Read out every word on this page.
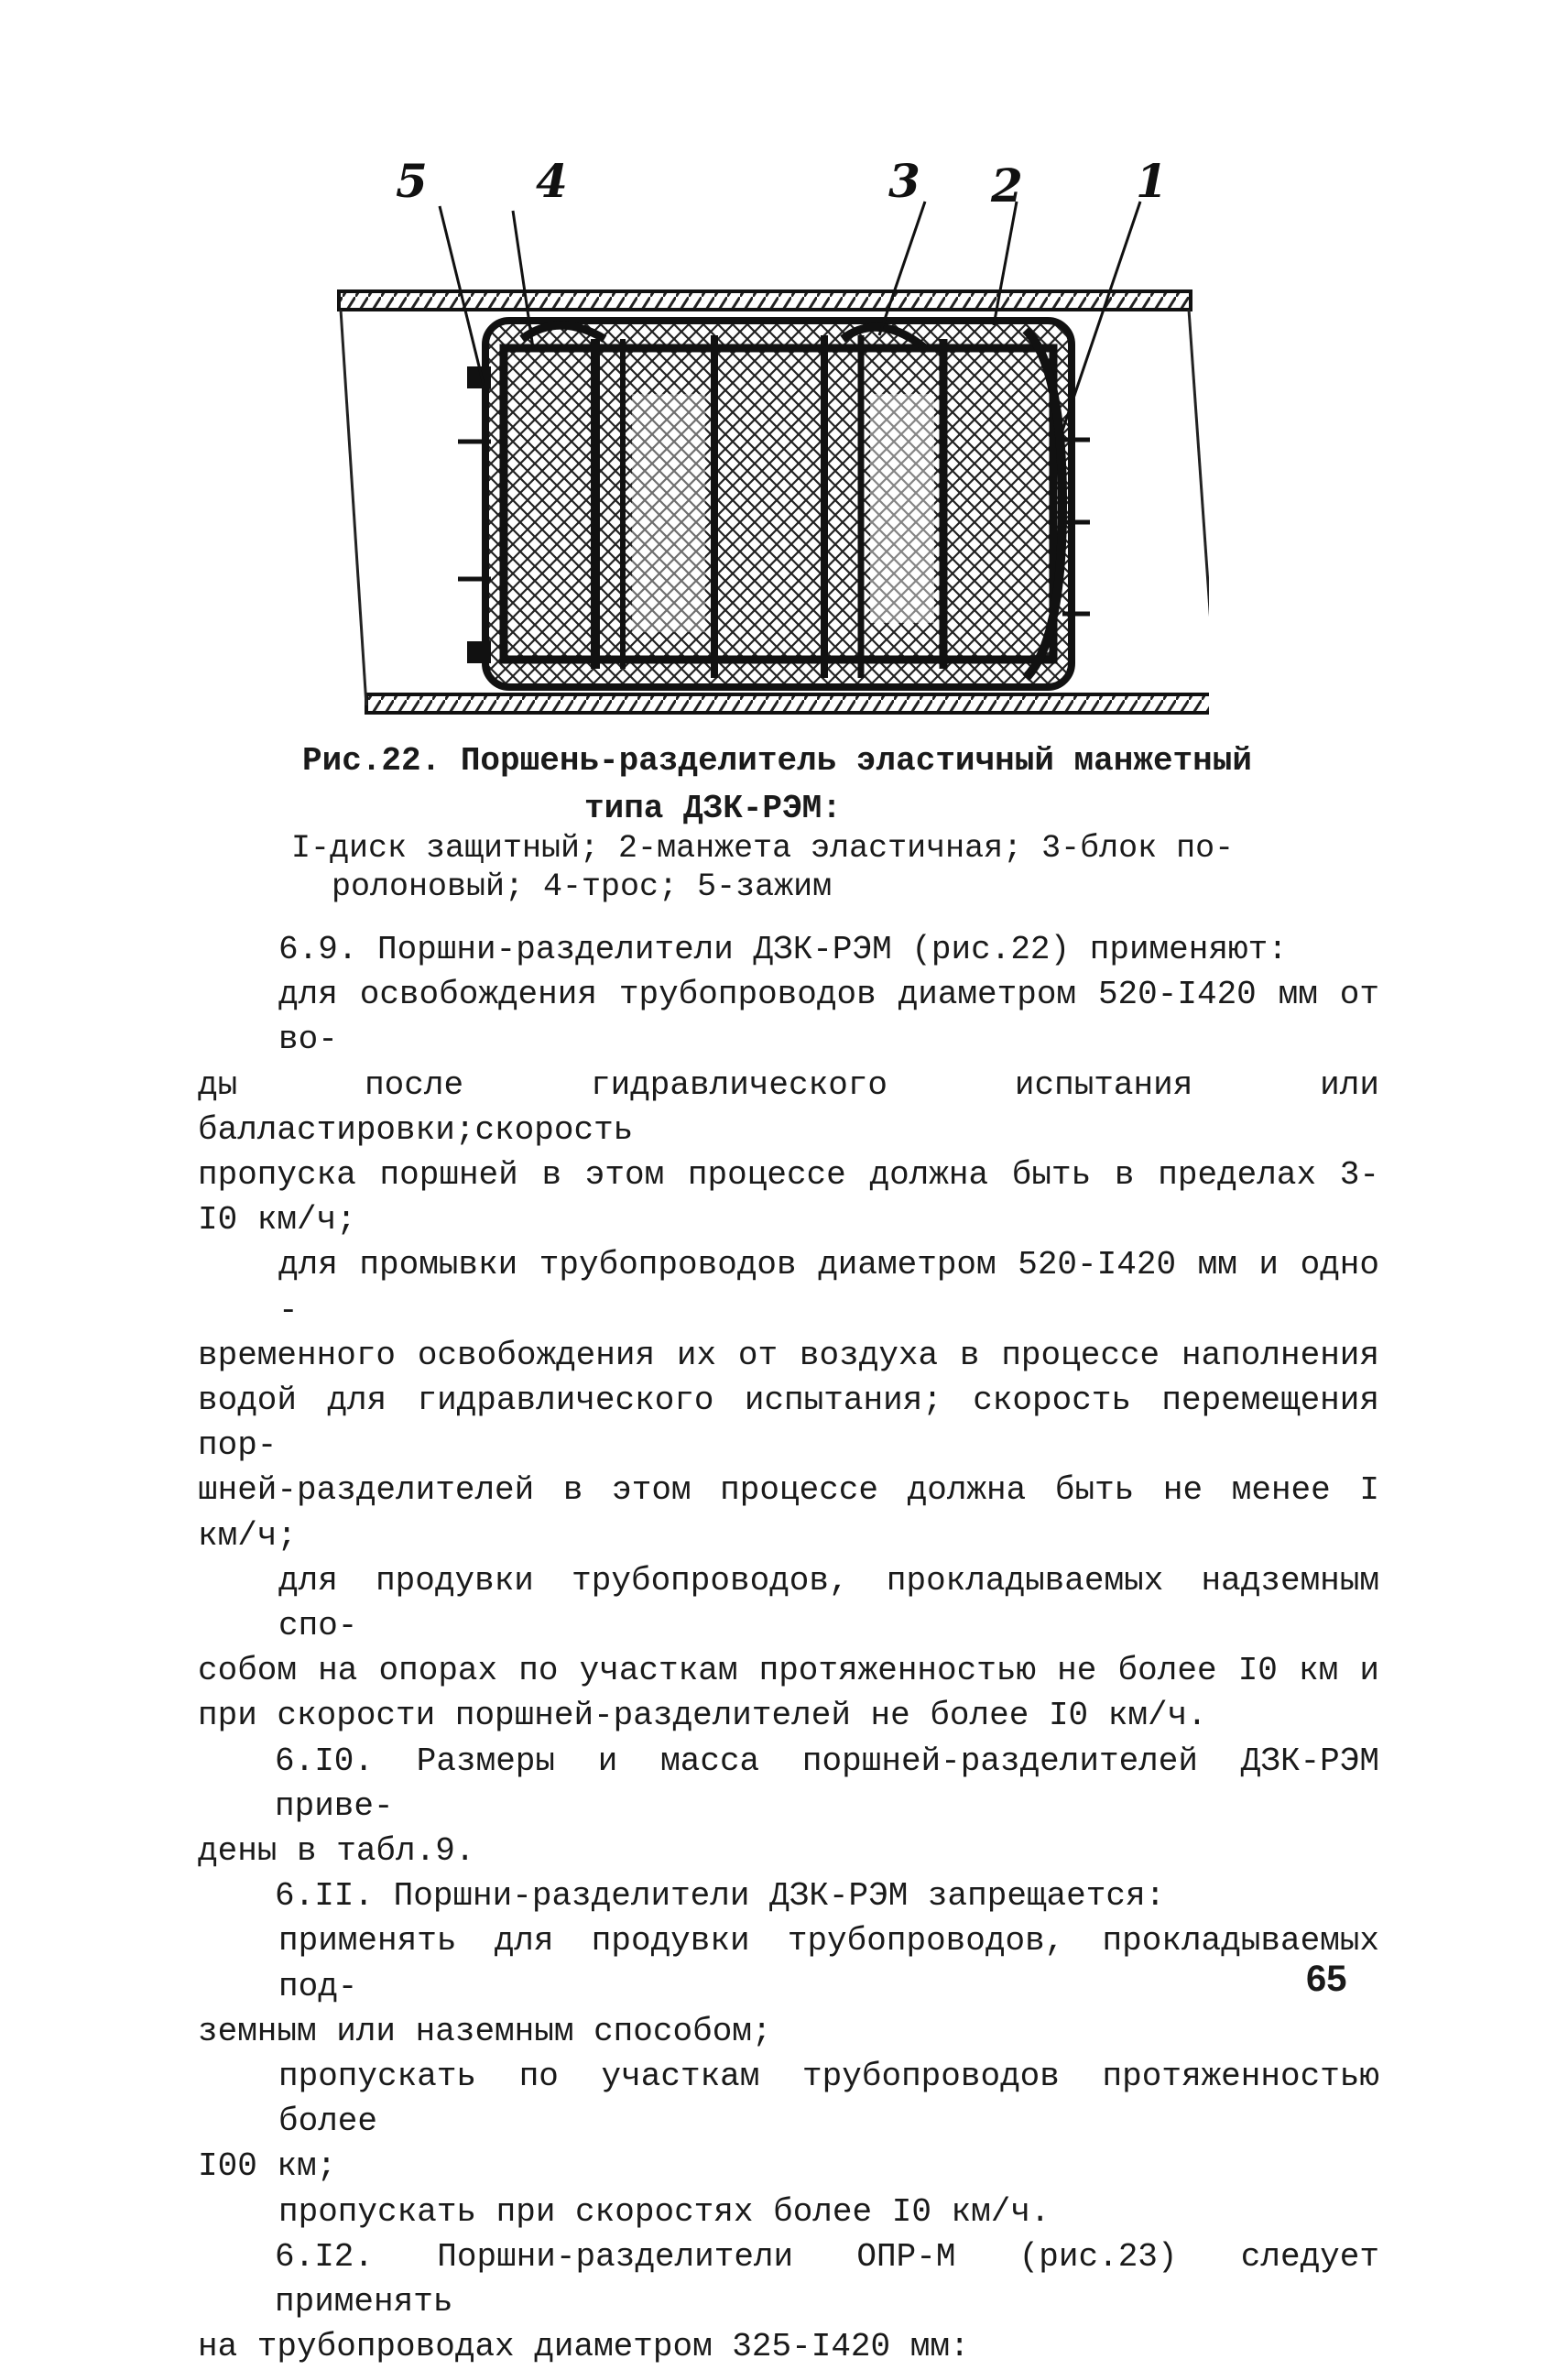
5 4	3 2 1
Рис.22. Поршень-разделитель эластичный манжетный
типа ДЗК-РЭМ:
I-диск защитный; 2-манжета эластичная; 3-блок по-
ролоновый; 4-трос; 5-зажим

6.9. Поршни-разделители ДЗК-РЭМ (рис.22) применяют:

для освобождения трубопроводов диаметром 520-I420 мм от во-
ды после гидравлического испытания или балластировки;скорость
пропуска поршней в этом процессе должна быть в пределах 3-
I0 км/ч;

для промывки трубопроводов диаметром 520-I420 мм и одно -
временного освобождения их от воздуха в процессе наполнения
водой для гидравлического испытания; скорость перемещения пор-
шней-разделителей в этом процессе должна быть не менее I км/ч;

для продувки трубопроводов, прокладываемых надземным спо-
собом на опорах по участкам протяженностью не более I0 км и
при скорости поршней-разделителей не более I0 км/ч.

6.I0. Размеры и масса поршней-разделителей ДЗК-РЭМ приве-
дены в табл.9.

6.II. Поршни-разделители ДЗК-РЭМ запрещается:

применять для продувки трубопроводов, прокладываемых под-
земным или наземным способом;

пропускать по участкам трубопроводов протяженностью более
I00 км;

пропускать при скоростях более I0 км/ч.

6.I2. Поршни-разделители ОПР-М (рис.23) следует применять
на трубопроводах диаметром 325-I420 мм:

65
